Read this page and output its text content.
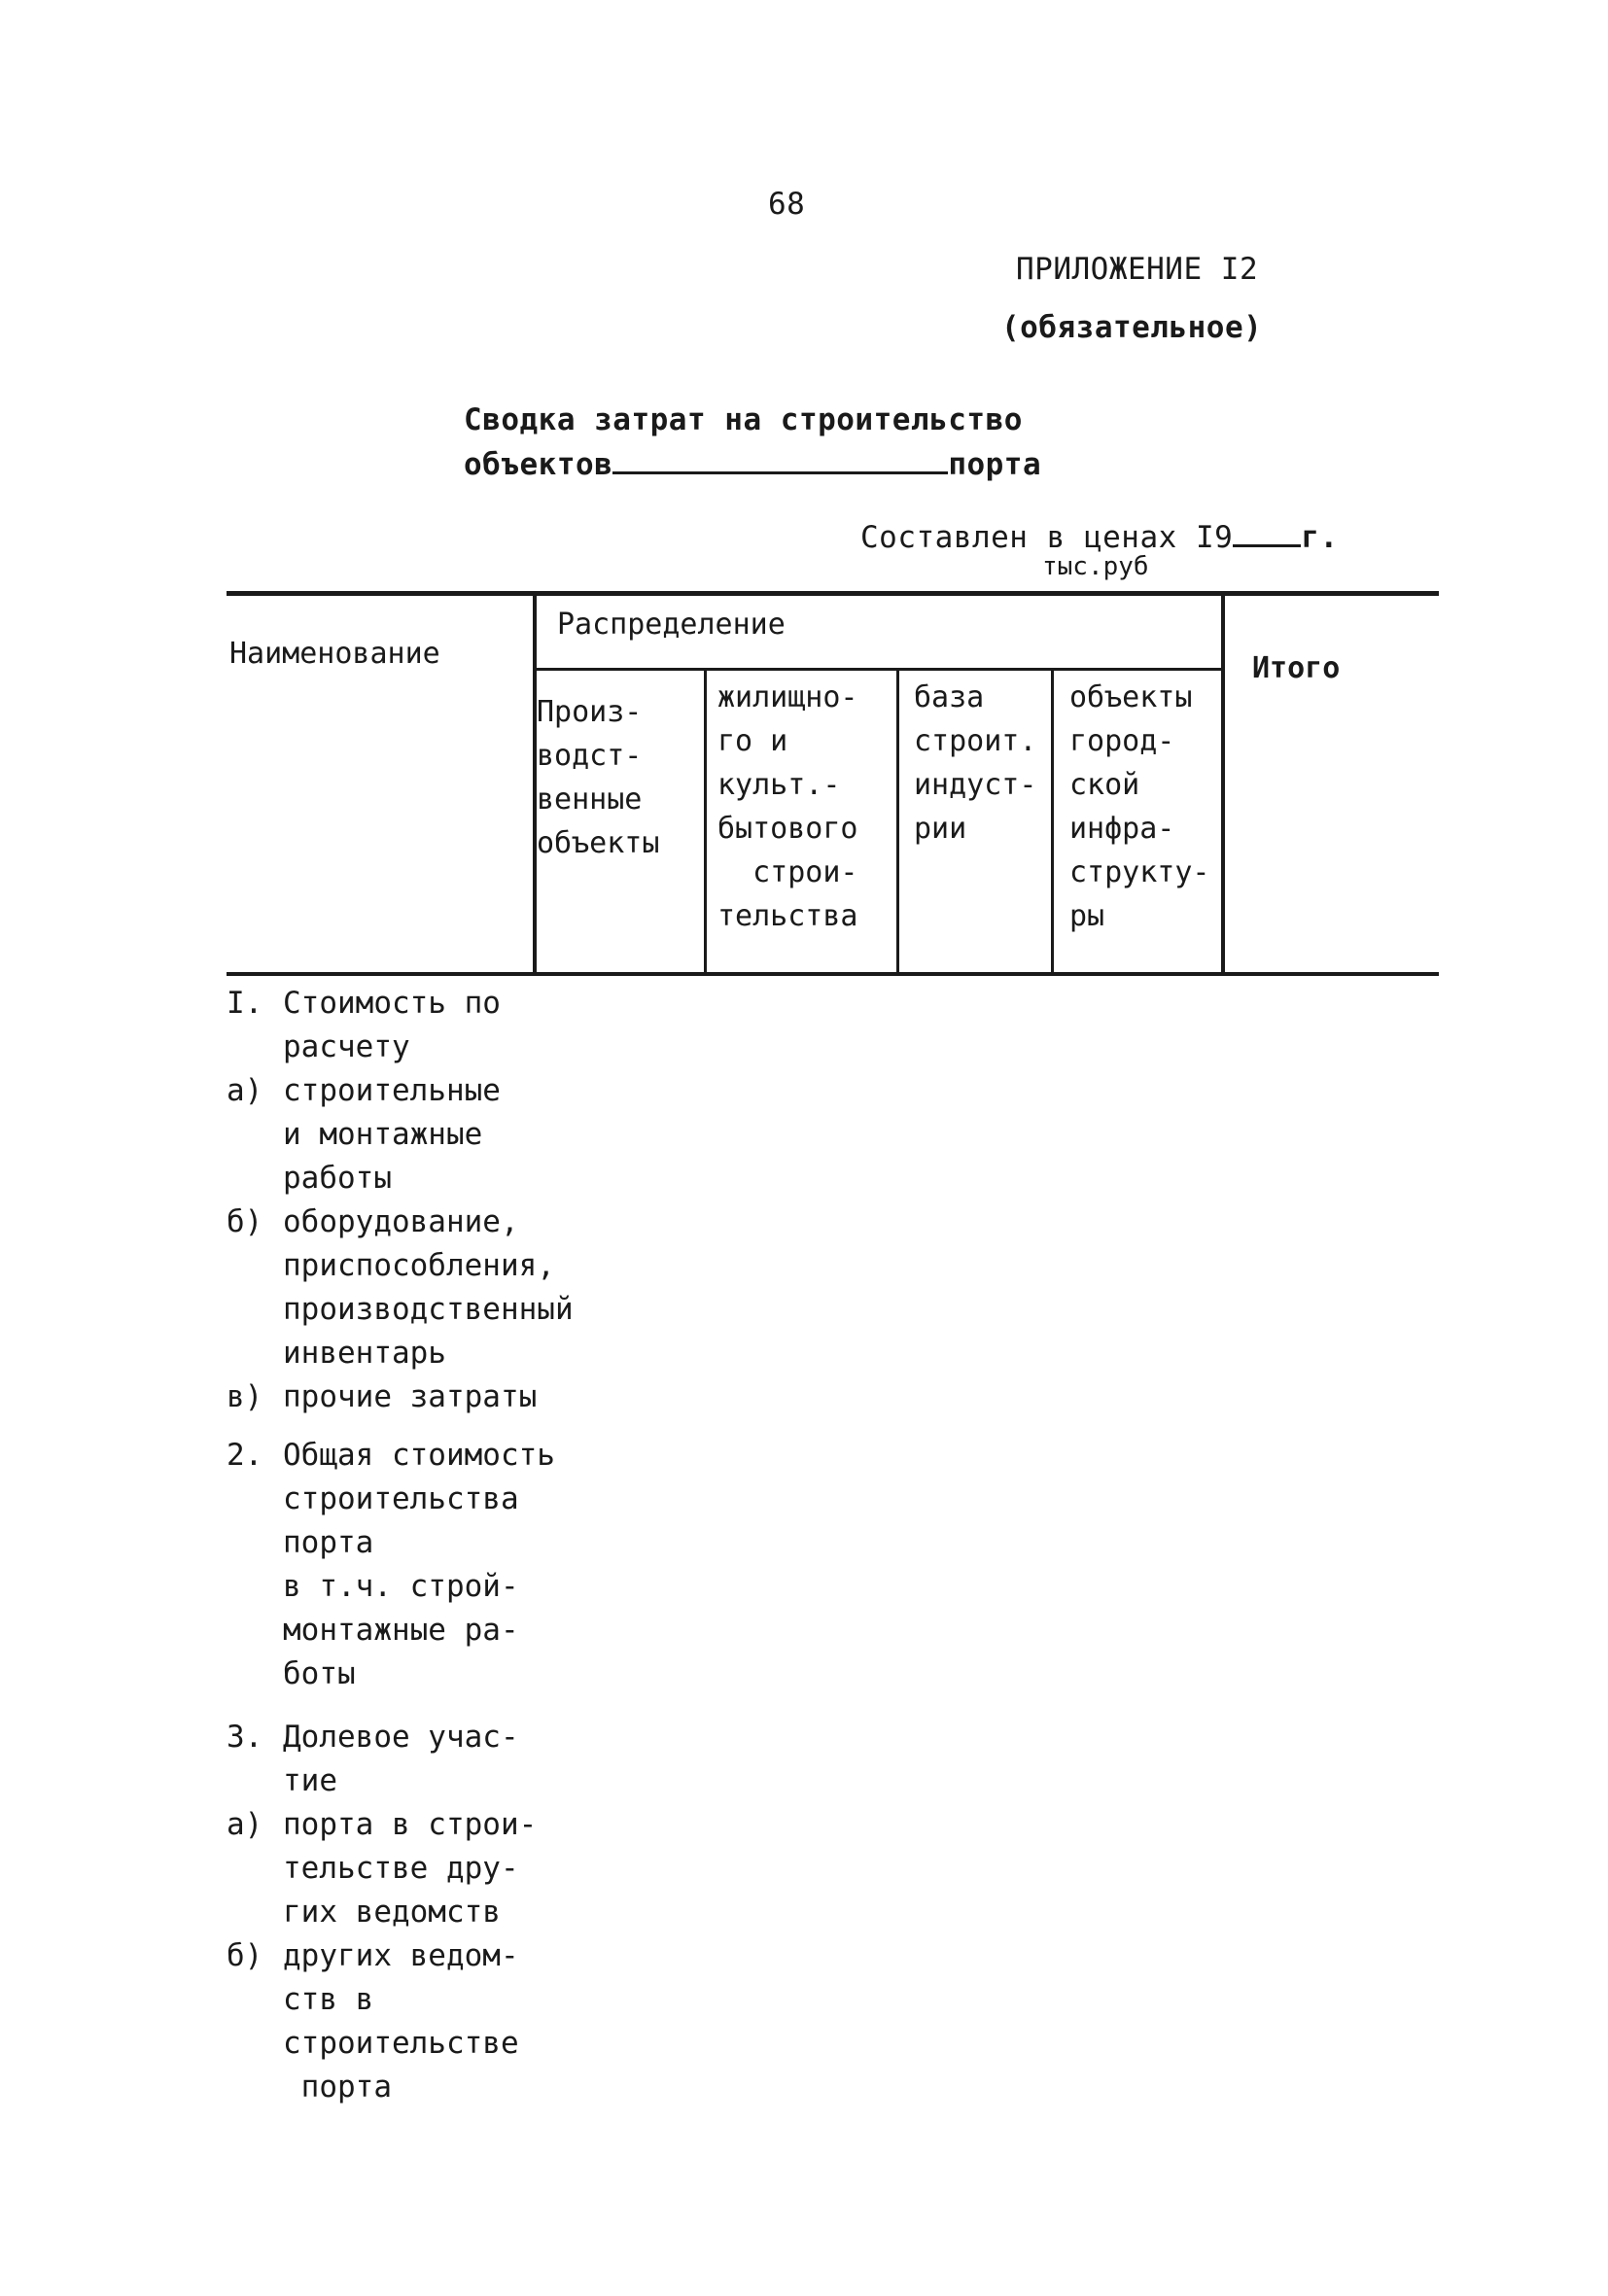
68
ПРИЛОЖЕНИЕ I2
(обязательное)
Сводка затрат на строительство
объектов	порта
Составлен в ценах I9 г.
тыс.руб
Наименование
Распределение
Итого
Произ-
водст-
венные
объекты
жилищно-
го и
культ.-
бытового
строи-
тельства
база
строит.
индуст-
рии
объекты
город-
ской
инфра-
структу-
ры
I. Стоимость по
расчету
а) строительные
и монтажные
работы
б) оборудование,
приспособления,
производственный
инвентарь
в) прочие затраты
2. Общая стоимость
строительства
порта
в т.ч. строй-
монтажные ра-
боты
3. Долевое учас-
тие
а) порта в строи-
тельстве дру-
гих ведомств
б) других ведом-
ств в
строительстве
порта
